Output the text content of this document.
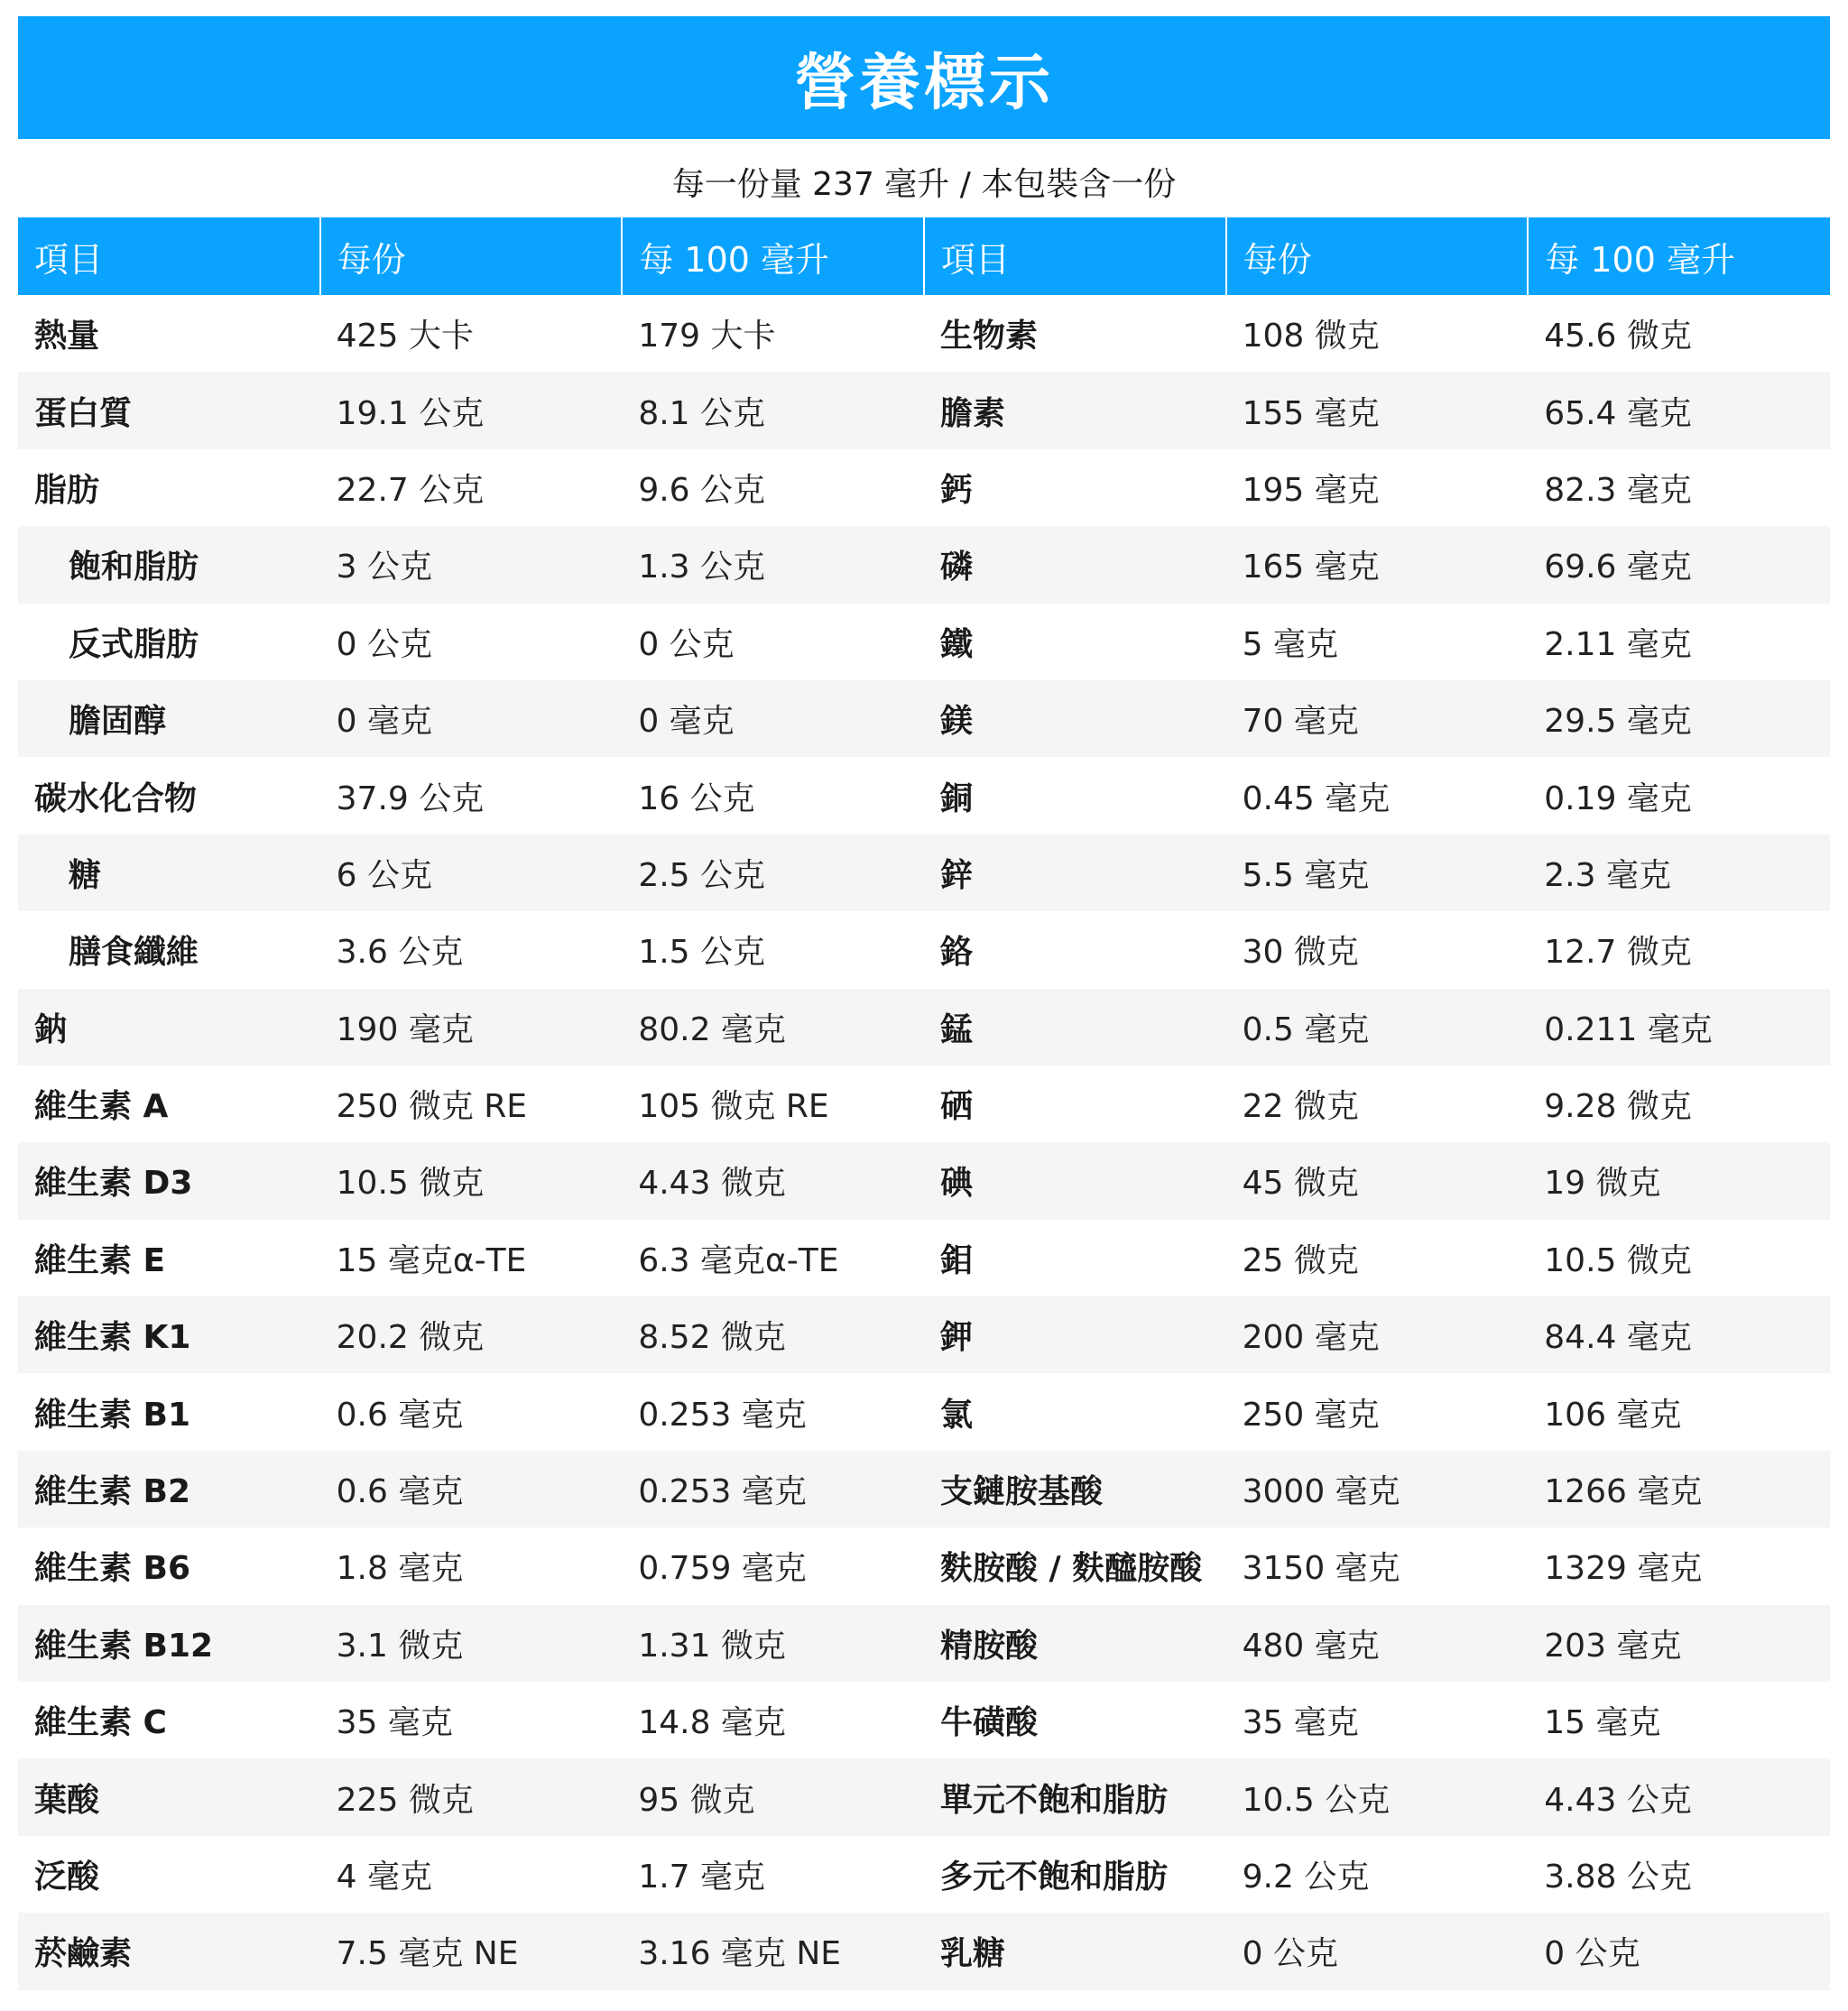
營養標示
每一份量 237 毫升 / 本包裝含一份
項目	每份	每 100 毫升	項目	每份	每 100 毫升
熱量	425 大卡	179 大卡	生物素	108 微克	45.6 微克
蛋白質	19.1 公克	8.1 公克	膽素	155 毫克	65.4 毫克
脂肪	22.7 公克	9.6 公克	鈣	195 毫克	82.3 毫克
飽和脂肪	3 公克	1.3 公克	磷	165 毫克	69.6 毫克
反式脂肪	0 公克	0 公克	鐵	5 毫克	2.11 毫克
膽固醇	0 毫克	0 毫克	鎂	70 毫克	29.5 毫克
碳水化合物	37.9 公克	16 公克	銅	0.45 毫克	0.19 毫克
糖	6 公克	2.5 公克	鋅	5.5 毫克	2.3 毫克
膳食纖維	3.6 公克	1.5 公克	鉻	30 微克	12.7 微克
鈉	190 毫克	80.2 毫克	錳	0.5 毫克	0.211 毫克
維生素 A	250 微克 RE	105 微克 RE	硒	22 微克	9.28 微克
維生素 D3	10.5 微克	4.43 微克	碘	45 微克	19 微克
維生素 E	15 毫克α-TE	6.3 毫克α-TE	鉬	25 微克	10.5 微克
維生素 K1	20.2 微克	8.52 微克	鉀	200 毫克	84.4 毫克
維生素 B1	0.6 毫克	0.253 毫克	氯	250 毫克	106 毫克
維生素 B2	0.6 毫克	0.253 毫克	支鏈胺基酸	3000 毫克	1266 毫克
維生素 B6	1.8 毫克	0.759 毫克	麩胺酸 / 麩醯胺酸	3150 毫克	1329 毫克
維生素 B12	3.1 微克	1.31 微克	精胺酸	480 毫克	203 毫克
維生素 C	35 毫克	14.8 毫克	牛磺酸	35 毫克	15 毫克
葉酸	225 微克	95 微克	單元不飽和脂肪	10.5 公克	4.43 公克
泛酸	4 毫克	1.7 毫克	多元不飽和脂肪	9.2 公克	3.88 公克
菸鹼素	7.5 毫克 NE	3.16 毫克 NE	乳糖	0 公克	0 公克
